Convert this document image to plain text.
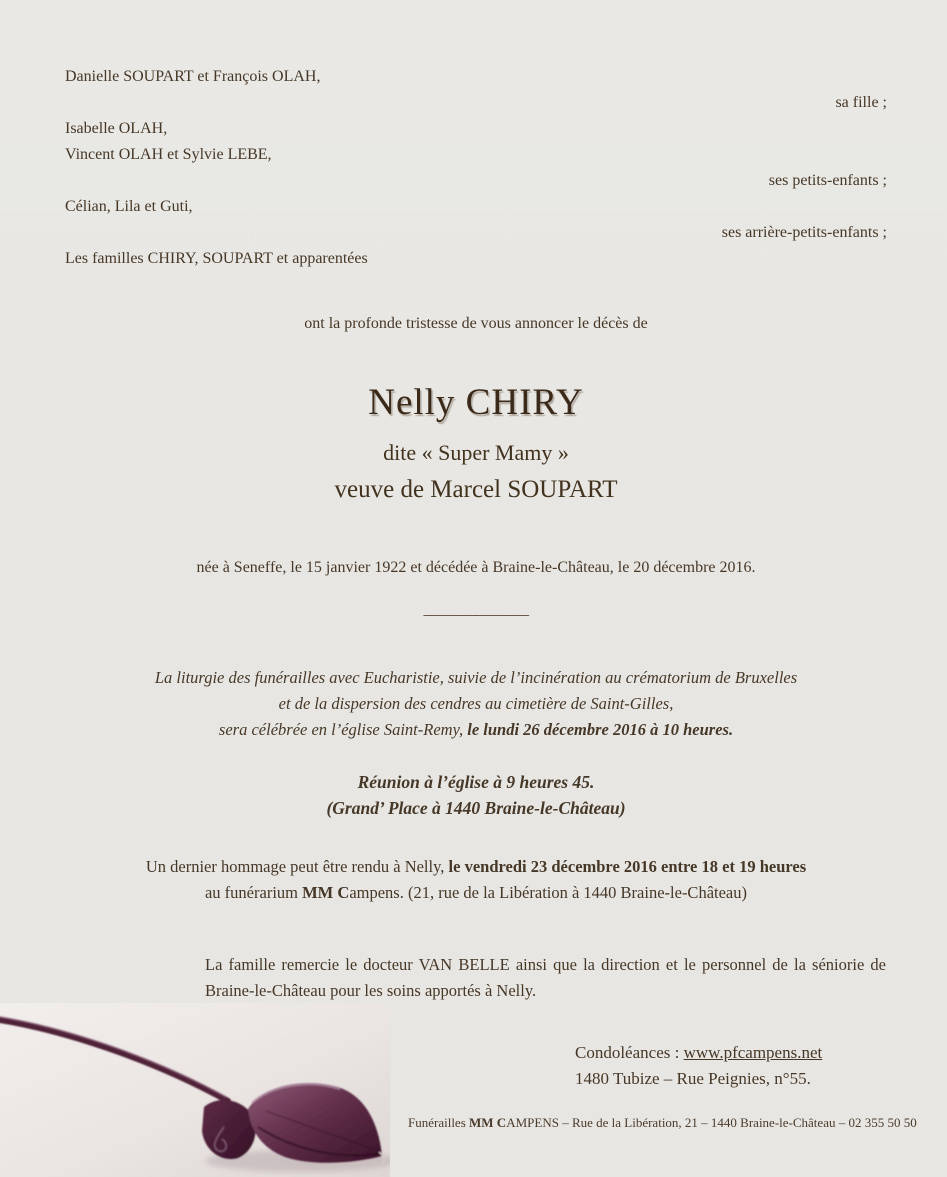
Danielle SOUPART et François OLAH,
sa fille ;
Isabelle OLAH,
Vincent OLAH et Sylvie LEBE,
ses petits-enfants ;
Célian, Lila et Guti,
ses arrière-petits-enfants ;
Les familles CHIRY, SOUPART et apparentées
ont la profonde tristesse de vous annoncer le décès de
Nelly CHIRY
dite « Super Mamy »
veuve de Marcel SOUPART
née à Seneffe, le 15 janvier 1922 et décédée à Braine-le-Château, le 20 décembre 2016.
______________
La liturgie des funérailles avec Eucharistie, suivie de l’incinération au crématorium de Bruxelles
et de la dispersion des cendres au cimetière de Saint-Gilles,
sera célébrée en l’église Saint-Remy, le lundi 26 décembre 2016 à 10 heures.
Réunion à l’église à 9 heures 45.
(Grand’ Place à 1440 Braine-le-Château)
Un dernier hommage peut être rendu à Nelly, le vendredi 23 décembre 2016 entre 18 et 19 heures
au funérarium MM Campens. (21, rue de la Libération à 1440 Braine-le-Château)
La famille remercie le docteur VAN BELLE ainsi que la direction et le personnel de la séniorie de Braine-le-Château pour les soins apportés à Nelly.
Condoléances : www.pfcampens.net
1480 Tubize – Rue Peignies, n°55.
Funérailles MM CAMPENS – Rue de la Libération, 21 – 1440 Braine-le-Château – 02 355 50 50
